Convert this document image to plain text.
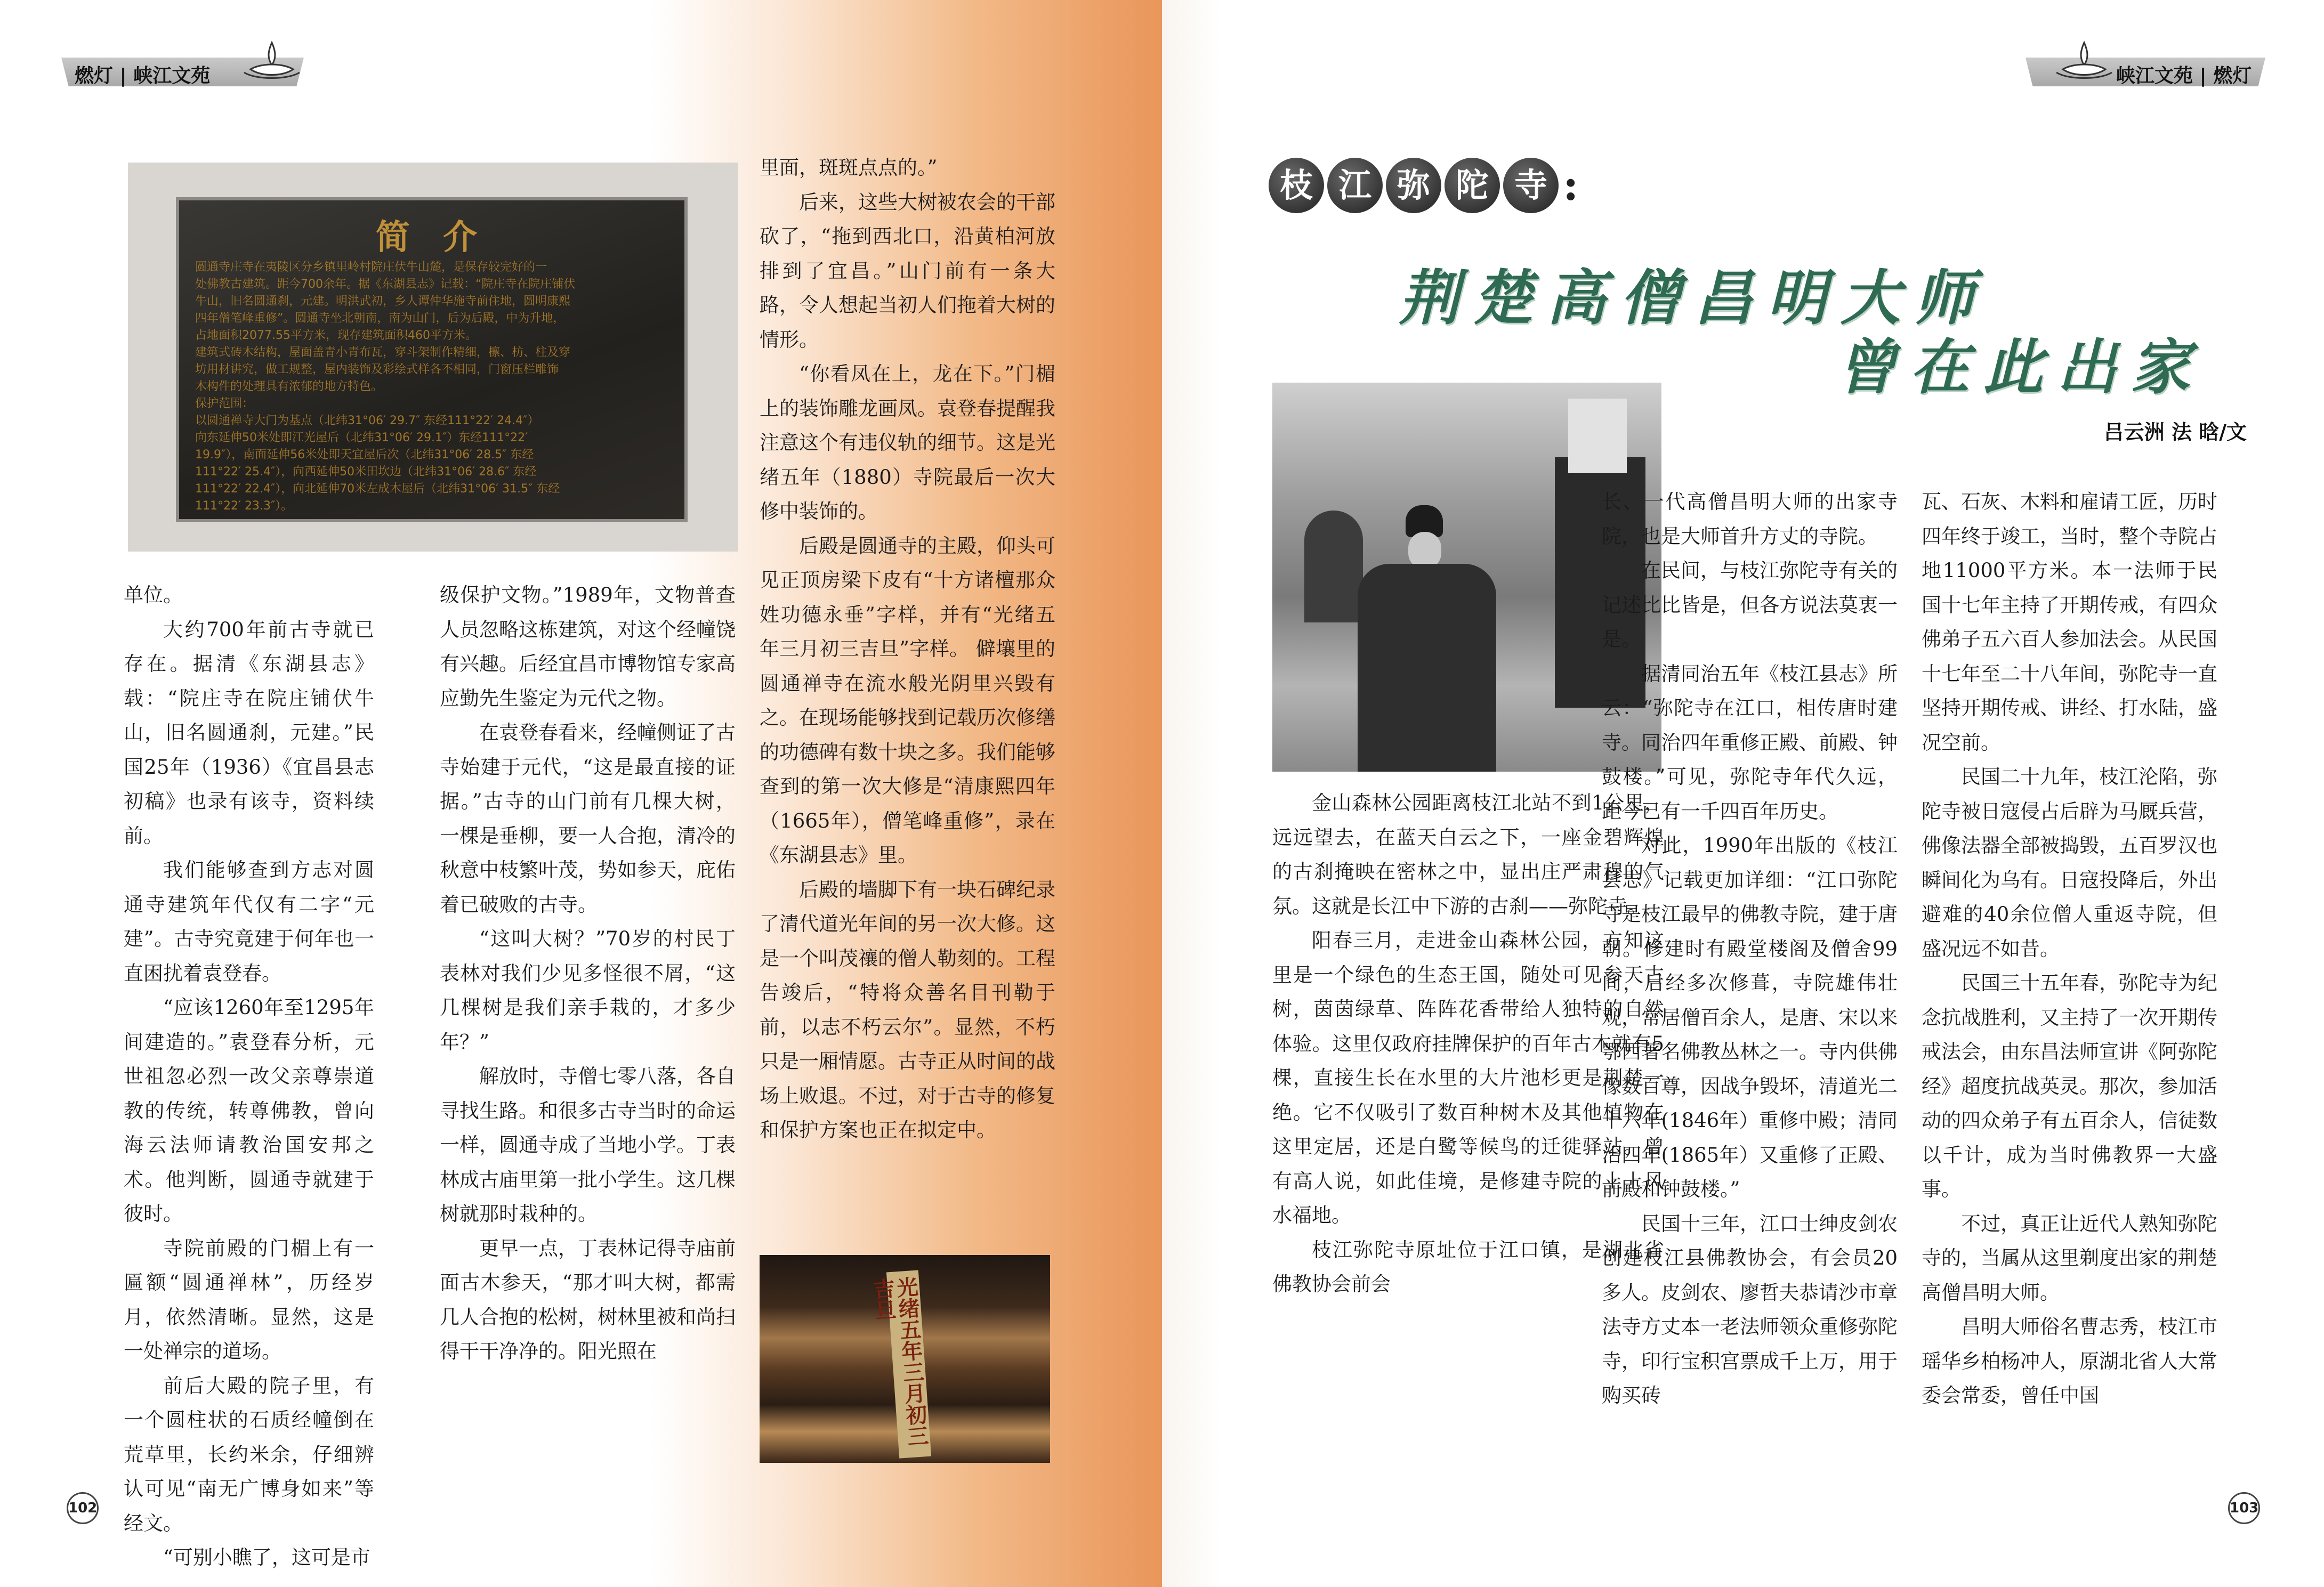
燃灯 | 峡江文苑
简 介
圆通寺庄寺在夷陵区分乡镇里岭村院庄伏牛山麓，是保存较完好的一
处佛教古建筑。距今700余年。据《东湖县志》记载：“院庄寺在院庄铺伏
牛山，旧名圆通刹，元建。明洪武初，乡人谭仲华施寺前住地，圆明康熙
四年僧笔峰重修”。圆通寺坐北朝南，南为山门，后为后殿，中为升地，
占地面积2077.55平方米，现存建筑面积460平方米。
建筑式砖木结构，屋面盖青小青布瓦，穿斗架制作精细，檩、枋、柱及穿
坊用材讲究，做工规整，屋内装饰及彩绘式样各不相同，门窗压栏雕饰
木构件的处理具有浓郁的地方特色。
保护范围：
以圆通禅寺大门为基点（北纬31°06′ 29.7″ 东经111°22′ 24.4″）
向东延伸50米处即江光屋后（北纬31°06′ 29.1″）东经111°22′
19.9″），南面延伸56米处即天宜屋后次（北纬31°06′ 28.5″ 东经
111°22′ 25.4″），向西延伸50米田坎边（北纬31°06′ 28.6″ 东经
111°22′ 22.4″），向北延伸70米左成木屋后（北纬31°06′ 31.5″ 东经
111°22′ 23.3″）。

单位。

大约700年前古寺就已存在。据清《东湖县志》载：“院庄寺在院庄铺伏牛山，旧名圆通刹，元建。”民国25年（1936）《宜昌县志初稿》也录有该寺，资料续前。

我们能够查到方志对圆通寺建筑年代仅有二字“元建”。古寺究竟建于何年也一直困扰着袁登春。

“应该1260年至1295年间建造的。”袁登春分析，元世祖忽必烈一改父亲尊崇道教的传统，转尊佛教，曾向海云法师请教治国安邦之术。他判断，圆通寺就建于彼时。

寺院前殿的门楣上有一匾额“圆通禅林”，历经岁月，依然清晰。显然，这是一处禅宗的道场。

前后大殿的院子里，有一个圆柱状的石质经幢倒在荒草里，长约米余，仔细辨认可见“南无广博身如来”等经文。

“可别小瞧了，这可是市

级保护文物。”1989年，文物普查人员忽略这栋建筑，对这个经幢饶有兴趣。后经宜昌市博物馆专家高应勤先生鉴定为元代之物。

在袁登春看来，经幢侧证了古寺始建于元代，“这是最直接的证据。”古寺的山门前有几棵大树，一棵是垂柳，要一人合抱，清冷的秋意中枝繁叶茂，势如参天，庇佑着已破败的古寺。

“这叫大树？”70岁的村民丁表林对我们少见多怪很不屑，“这几棵树是我们亲手栽的，才多少年？”

解放时，寺僧七零八落，各自寻找生路。和很多古寺当时的命运一样，圆通寺成了当地小学。丁表林成古庙里第一批小学生。这几棵树就那时栽种的。

更早一点，丁表林记得寺庙前面古木参天，“那才叫大树，都需几人合抱的松树，树林里被和尚扫得干干净净的。阳光照在

里面，斑斑点点的。”

后来，这些大树被农会的干部砍了，“拖到西北口，沿黄柏河放排到了宜昌。”山门前有一条大路，令人想起当初人们拖着大树的情形。

“你看凤在上，龙在下。”门楣上的装饰雕龙画凤。袁登春提醒我注意这个有违仪轨的细节。这是光绪五年（1880）寺院最后一次大修中装饰的。

后殿是圆通寺的主殿，仰头可见正顶房梁下皮有“十方诸檀那众姓功德永垂”字样，并有“光绪五年三月初三吉旦”字样。 僻壤里的圆通禅寺在流水般光阴里兴毁有之。在现场能够找到记载历次修缮的功德碑有数十块之多。我们能够查到的第一次大修是“清康熙四年（1665年），僧笔峰重修”，录在《东湖县志》里。

后殿的墙脚下有一块石碑纪录了清代道光年间的另一次大修。这是一个叫茂禳的僧人勒刻的。工程告竣后，“特将众善名目刊勒于前，以志不朽云尔”。显然，不朽只是一厢情愿。古寺正从时间的战场上败退。不过，对于古寺的修复和保护方案也正在拟定中。

光绪五年三月初三吉旦
102
峡江文苑 | 燃灯
枝 江 弥 陀 寺 :
荆楚高僧昌明大师
曾在此出家
吕云洲 法 晗/文

金山森林公园距离枝江北站不到1公里，远远望去，在蓝天白云之下，一座金碧辉煌的古刹掩映在密林之中，显出庄严肃穆的气氛。这就是长江中下游的古刹——弥陀寺。

阳春三月，走进金山森林公园，方知这里是一个绿色的生态王国，随处可见参天古树，茵茵绿草、阵阵花香带给人独特的自然体验。这里仅政府挂牌保护的百年古木就有5棵，直接生长在水里的大片池杉更是荆楚一绝。它不仅吸引了数百种树木及其他植物在这里定居，还是白鹭等候鸟的迁徙驿站。曾有高人说，如此佳境，是修建寺院的上上风水福地。

枝江弥陀寺原址位于江口镇，是湖北省佛教协会前会

长、一代高僧昌明大师的出家寺院，也是大师首升方丈的寺院。

在民间，与枝江弥陀寺有关的记述比比皆是，但各方说法莫衷一是。

据清同治五年《枝江县志》所云：“弥陀寺在江口，相传唐时建寺。同治四年重修正殿、前殿、钟鼓楼。”可见，弥陀寺年代久远，距今已有一千四百年历史。

对此，1990年出版的《枝江县志》记载更加详细：“江口弥陀寺是枝江最早的佛教寺院，建于唐朝。修建时有殿堂楼阁及僧舍99间，后经多次修葺，寺院雄伟壮观，常居僧百余人，是唐、宋以来鄂西著名佛教丛林之一。寺内供佛像数百尊，因战争毁坏，清道光二十六年(1846年）重修中殿；清同治四年(1865年）又重修了正殿、前殿和钟鼓楼。”

民国十三年，江口士绅皮剑农创建枝江县佛教协会，有会员20多人。皮剑农、廖哲夫恭请沙市章法寺方丈本一老法师领众重修弥陀寺，印行宝积宫票成千上万，用于购买砖

瓦、石灰、木料和雇请工匠，历时四年终于竣工，当时，整个寺院占地11000平方米。本一法师于民国十七年主持了开期传戒，有四众佛弟子五六百人参加法会。从民国十七年至二十八年间，弥陀寺一直坚持开期传戒、讲经、打水陆，盛况空前。

民国二十九年，枝江沦陷，弥陀寺被日寇侵占后辟为马厩兵营，佛像法器全部被捣毁，五百罗汉也瞬间化为乌有。日寇投降后，外出避难的40余位僧人重返寺院，但盛况远不如昔。

民国三十五年春，弥陀寺为纪念抗战胜利，又主持了一次开期传戒法会，由东昌法师宣讲《阿弥陀经》超度抗战英灵。那次，参加活动的四众弟子有五百余人，信徒数以千计，成为当时佛教界一大盛事。

不过，真正让近代人熟知弥陀寺的，当属从这里剃度出家的荆楚高僧昌明大师。

昌明大师俗名曹志秀，枝江市瑶华乡柏杨冲人，原湖北省人大常委会常委，曾任中国

103
